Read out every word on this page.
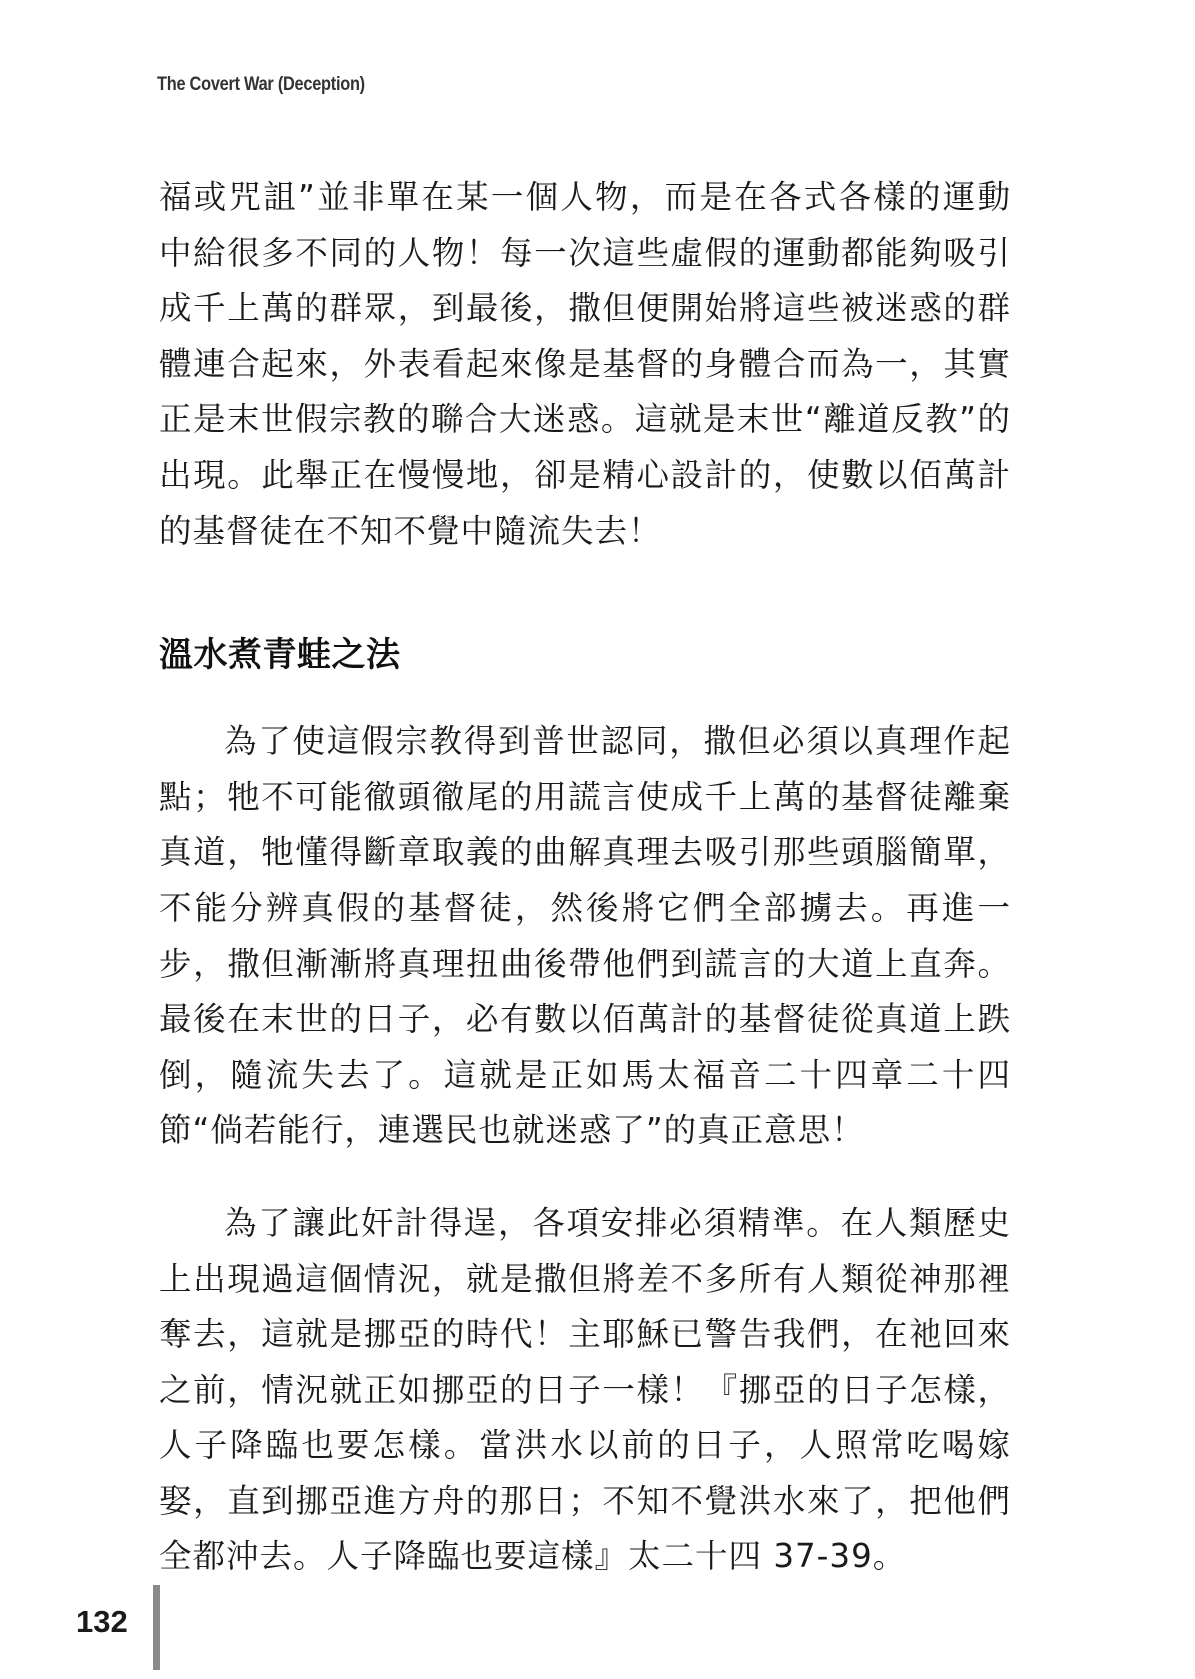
The Covert War (Deception)

福或咒詛”並非單在某一個人物，而是在各式各樣的運動中給很多不同的人物！每一次這些虛假的運動都能夠吸引成千上萬的群眾，到最後，撒但便開始將這些被迷惑的群體連合起來，外表看起來像是基督的身體合而為一，其實正是末世假宗教的聯合大迷惑。這就是末世“離道反教”的出現。此舉正在慢慢地，卻是精心設計的，使數以佰萬計的基督徒在不知不覺中隨流失去！

溫水煮青蛙之法

為了使這假宗教得到普世認同，撒但必須以真理作起點；牠不可能徹頭徹尾的用謊言使成千上萬的基督徒離棄真道，牠懂得斷章取義的曲解真理去吸引那些頭腦簡單，不能分辨真假的基督徒，然後將它們全部擄去。再進一步，撒但漸漸將真理扭曲後帶他們到謊言的大道上直奔。最後在末世的日子，必有數以佰萬計的基督徒從真道上跌倒，隨流失去了。這就是正如馬太福音二十四章二十四節“倘若能行，連選民也就迷惑了”的真正意思！

為了讓此奸計得逞，各項安排必須精準。在人類歷史上出現過這個情況，就是撒但將差不多所有人類從神那裡奪去，這就是挪亞的時代！主耶穌已警告我們，在祂回來之前，情況就正如挪亞的日子一樣！『挪亞的日子怎樣，人子降臨也要怎樣。當洪水以前的日子，人照常吃喝嫁娶，直到挪亞進方舟的那日；不知不覺洪水來了，把他們全都沖去。人子降臨也要這樣』太二十四 37-39。

132
